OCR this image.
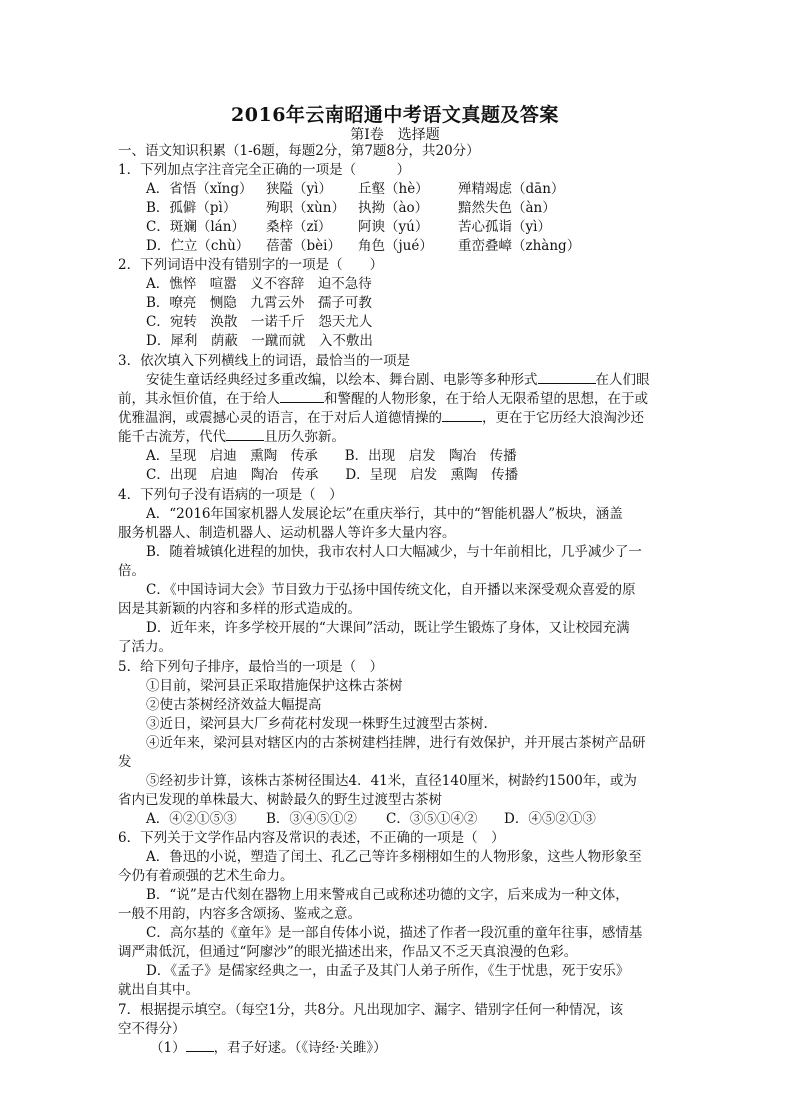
2016年云南昭通中考语文真题及答案
第Ⅰ卷　选择题
一、语文知识积累（1-6题，每题2分，第7题8分，共20分）
1．下列加点字注音完全正确的一项是（　　　）
A．省悟（xǐng） 狭隘（yì） 丘壑（hè） 殚精竭虑（dān）
B．孤僻（pì） 殉职（xùn） 执拗（ào） 黯然失色（àn）
C．斑斓（lán） 桑梓（zǐ） 阿谀（yú） 苦心孤诣（yì）
D．伫立（chù） 蓓蕾（bèi） 角色（jué） 重峦叠嶂（zhàng）
2．下列词语中没有错别字的一项是（　　）
A．憔悴　喧嚣　义不容辞　迫不急待
B．嘹亮　恻隐　九霄云外　孺子可教
C．宛转　涣散　一诺千斤　怨天尤人
D．犀利　荫蔽　一蹴而就　入不敷出
3．依次填入下列横线上的词语，最恰当的一项是
安徒生童话经典经过多重改编，以绘本、舞台剧、电影等多种形式	在人们眼
前，其永恒价值，在于给人	和警醒的人物形象，在于给人无限希望的思想，在于或
优雅温润，或震撼心灵的语言，在于对后人道德情操的	，更在于它历经大浪淘沙还
能千古流芳，代代	且历久弥新。
A．呈现　启迪　熏陶　传承　　B．出现　启发　陶冶　传播
C．出现　启迪　陶冶　传承　　D．呈现　启发　熏陶　传播
4．下列句子没有语病的一项是（　）
A．“2016年国家机器人发展论坛”在重庆举行，其中的“智能机器人”板块，涵盖
服务机器人、制造机器人、运动机器人等许多大量内容。
B．随着城镇化进程的加快，我市农村人口大幅减少，与十年前相比，几乎减少了一
倍。
C．《中国诗词大会》节目致力于弘扬中国传统文化，自开播以来深受观众喜爱的原
因是其新颖的内容和多样的形式造成的。
D．近年来，许多学校开展的“大课间”活动，既让学生锻炼了身体，又让校园充满
了活力。
5．给下列句子排序，最恰当的一项是（　）
①目前，梁河县正采取措施保护这株古茶树
②使古茶树经济效益大幅提高
③近日，梁河县大厂乡荷花村发现一株野生过渡型古茶树.
④近年来，梁河县对辖区内的古茶树建档挂牌，进行有效保护，并开展古茶树产品研
发
⑤经初步计算，该株古茶树径围达4．41米，直径140厘米，树龄约1500年，或为
省内已发现的单株最大、树龄最久的野生过渡型古茶树
A．④②①⑤③ B．③④⑤①② C．③⑤①④② D．④⑤②①③
6．下列关于文学作品内容及常识的表述，不正确的一项是（　）
A．鲁迅的小说，塑造了闰土、孔乙己等许多栩栩如生的人物形象，这些人物形象至
今仍有着顽强的艺术生命力。
B．“说”是古代刻在器物上用来警戒自己或称述功德的文字，后来成为一种文体，
一般不用韵，内容多含颂扬、鉴戒之意。
C．高尔基的《童年》是一部自传体小说，描述了作者一段沉重的童年往事，感情基
调严肃低沉，但通过“阿廖沙”的眼光描述出来，作品又不乏天真浪漫的色彩。
D．《孟子》是儒家经典之一，由孟子及其门人弟子所作，《生于忧患，死于安乐》
就出自其中。
7．根据提示填空。（每空1分，共8分。凡出现加字、漏字、错别字任何一种情况，该
空不得分）
（1） ，君子好逑。（《诗经·关雎》）
